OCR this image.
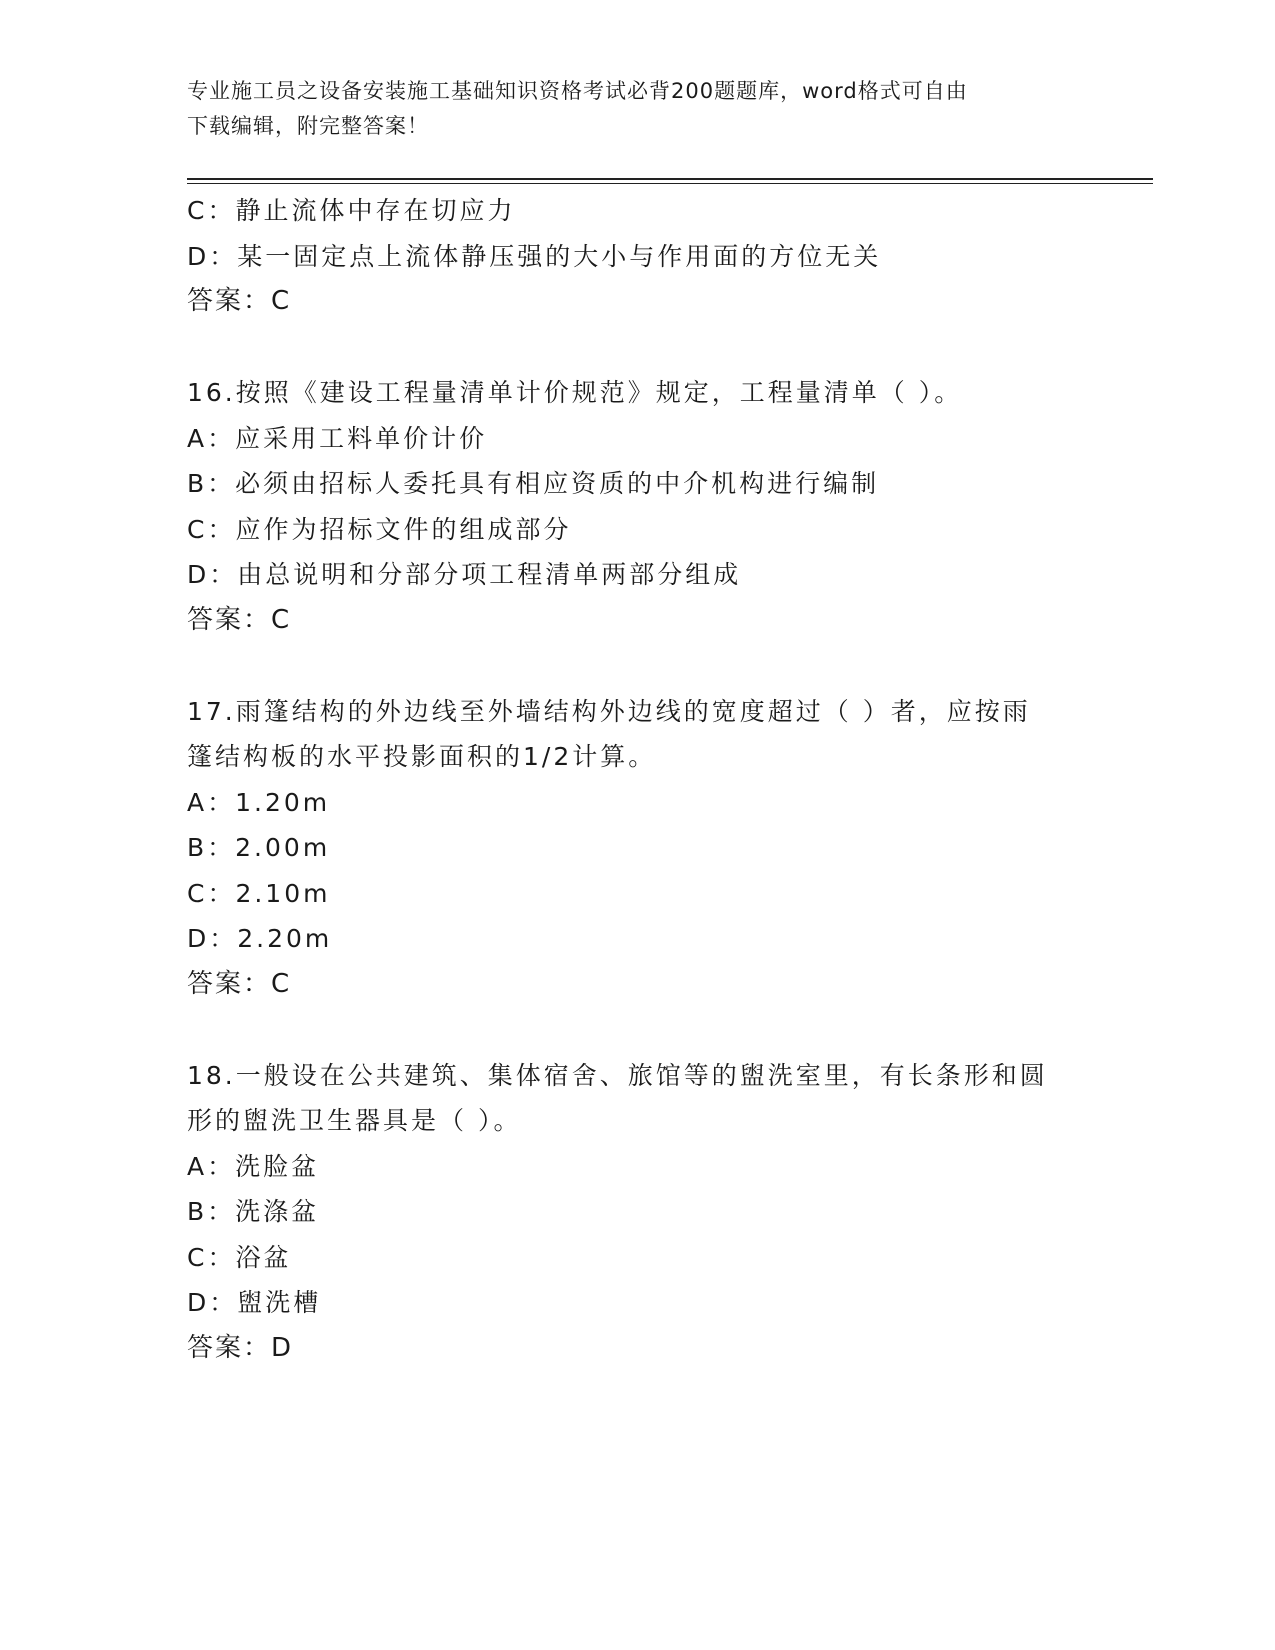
专业施工员之设备安装施工基础知识资格考试必背200题题库，word格式可自由
下载编辑，附完整答案！
C：静止流体中存在切应力
D：某一固定点上流体静压强的大小与作用面的方位无关
答案：C
16.按照《建设工程量清单计价规范》规定，工程量清单（ ）。
A：应采用工料单价计价
B：必须由招标人委托具有相应资质的中介机构进行编制
C：应作为招标文件的组成部分
D：由总说明和分部分项工程清单两部分组成
答案：C
17.雨篷结构的外边线至外墙结构外边线的宽度超过（ ）者，应按雨
篷结构板的水平投影面积的1/2计算。
A：1.20m
B：2.00m
C：2.10m
D：2.20m
答案：C
18.一般设在公共建筑、集体宿舍、旅馆等的盥洗室里，有长条形和圆
形的盥洗卫生器具是（ ）。
A：洗脸盆
B：洗涤盆
C：浴盆
D：盥洗槽
答案：D
